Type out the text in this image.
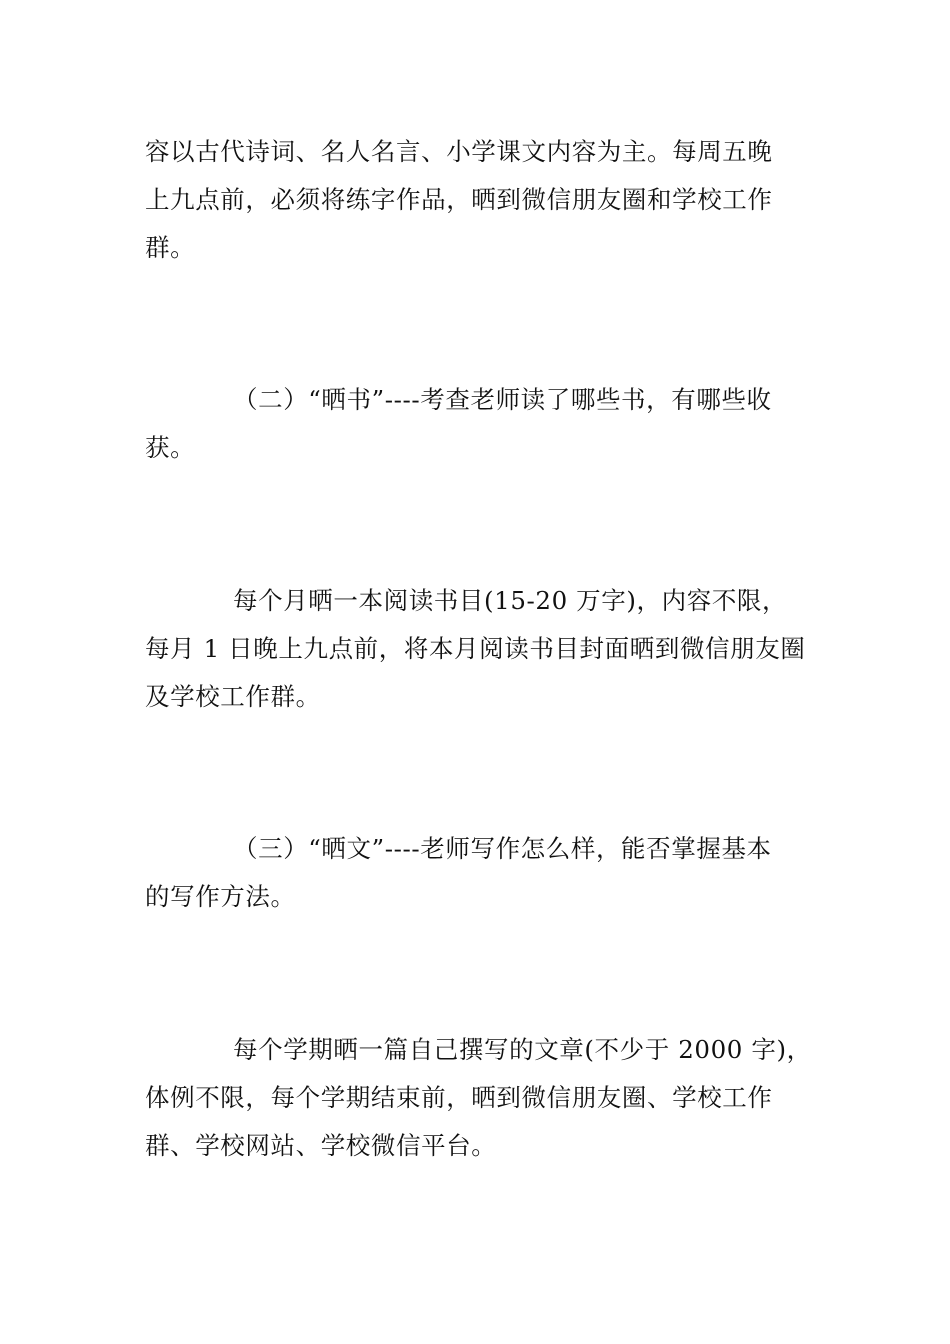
容以古代诗词、名人名言、小学课文内容为主。每周五晚
上九点前，必须将练字作品，晒到微信朋友圈和学校工作
群。

（二）“晒书”----考查老师读了哪些书，有哪些收
获。

每个月晒一本阅读书目(15-20 万字)，内容不限，
每月 1 日晚上九点前，将本月阅读书目封面晒到微信朋友圈
及学校工作群。

（三）“晒文”----老师写作怎么样，能否掌握基本
的写作方法。

每个学期晒一篇自己撰写的文章(不少于 2000 字)，
体例不限，每个学期结束前，晒到微信朋友圈、学校工作
群、学校网站、学校微信平台。
